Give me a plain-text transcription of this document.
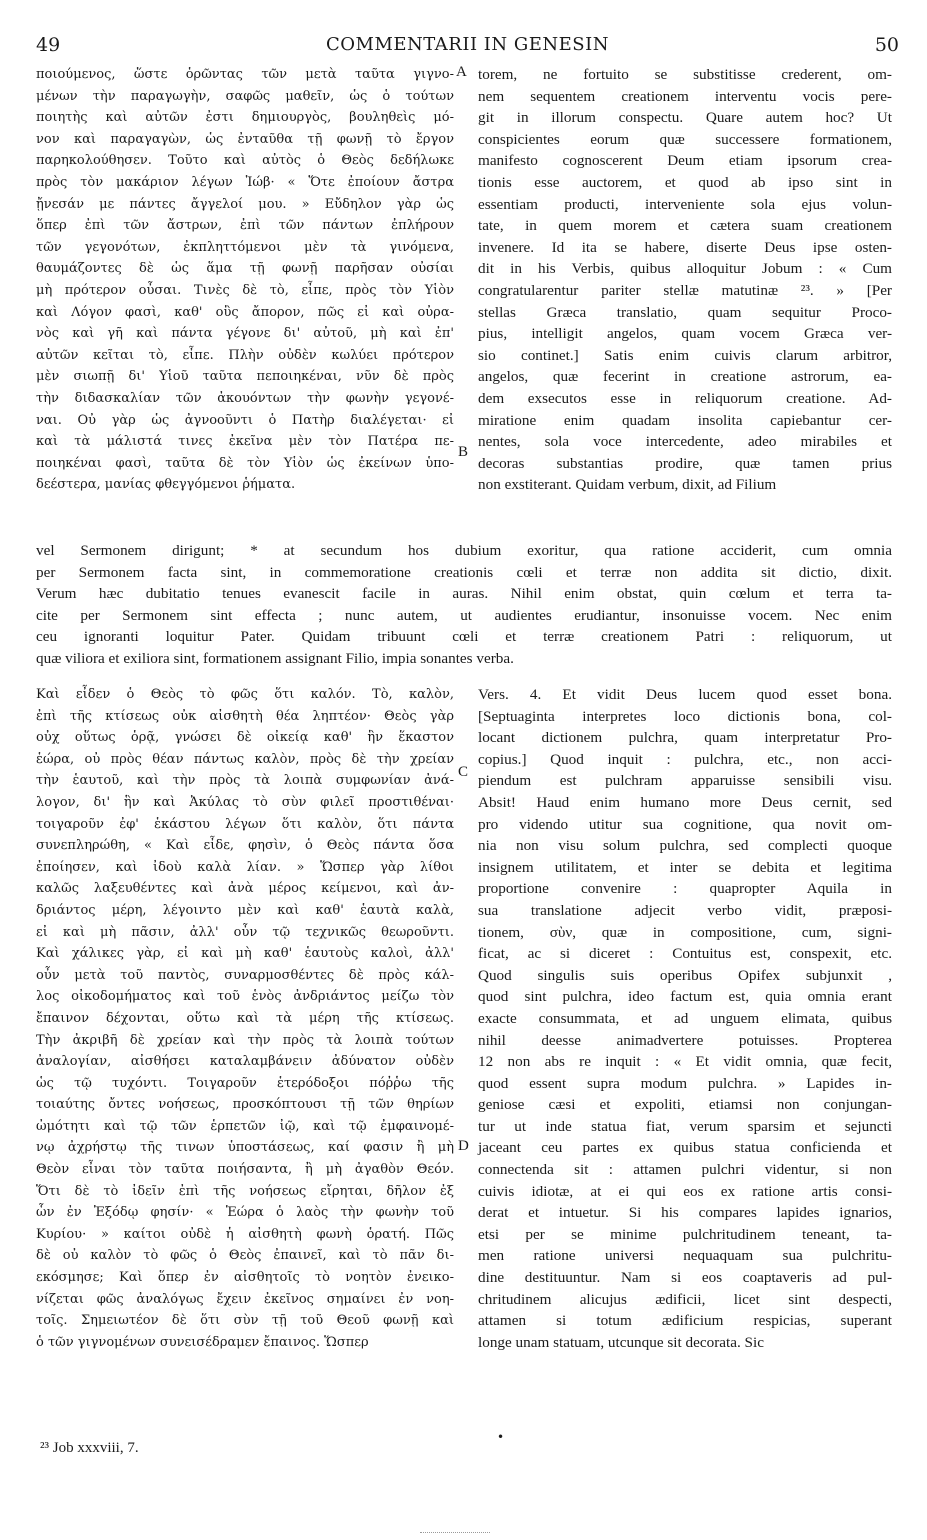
49	COMMENTARII IN GENESIN	50
ποιούμενος, ὥστε ὁρῶντας τῶν μετὰ ταῦτα γιγνο-
μένων τὴν παραγωγὴν, σαφῶς μαθεῖν, ὡς ὁ τούτων
ποιητὴς καὶ αὐτῶν ἐστι δημιουργὸς, βουληθεὶς μό-
νον καὶ παραγαγὼν, ὡς ἐνταῦθα τῇ φωνῇ τὸ ἔργον
παρηκολούθησεν. Τοῦτο καὶ αὐτὸς ὁ Θεὸς δεδήλωκε
πρὸς τὸν μακάριον λέγων Ἰώβ· « Ὅτε ἐποίουν ἄστρα
ᾔνεσάν με πάντες ἄγγελοί μου. » Εὔδηλον γὰρ ὡς
ὅπερ ἐπὶ τῶν ἄστρων, ἐπὶ τῶν πάντων ἐπλήρουν
τῶν γεγονότων, ἐκπληττόμενοι μὲν τὰ γινόμενα,
θαυμάζοντες δὲ ὡς ἅμα τῇ φωνῇ παρῆσαν οὐσίαι
μὴ πρότερον οὖσαι. Τινὲς δὲ τὸ, εἶπε, πρὸς τὸν Υἱὸν
καὶ Λόγον φασὶ, καθ' οὓς ἄπορον, πῶς εἰ καὶ οὐρα-
νὸς καὶ γῆ καὶ πάντα γέγονε δι' αὐτοῦ, μὴ καὶ ἐπ'
αὐτῶν κεῖται τὸ, εἶπε. Πλὴν οὐδὲν κωλύει πρότερον
μὲν σιωπῇ δι' Υἱοῦ ταῦτα πεποιηκέναι, νῦν δὲ πρὸς
τὴν διδασκαλίαν τῶν ἀκουόντων τὴν φωνὴν γεγονέ-
ναι. Οὐ γὰρ ὡς ἀγνοοῦντι ὁ Πατὴρ διαλέγεται· εἰ
καὶ τὰ μάλιστά τινες ἐκεῖνα μὲν τὸν Πατέρα πε-
ποιηκέναι φασὶ, ταῦτα δὲ τὸν Υἱὸν ὡς ἐκείνων ὑπο-
δεέστερα, μανίας φθεγγόμενοι ῥήματα.
torem, ne fortuito se substitisse crederent, om-
nem sequentem creationem interventu vocis pere-
git in illorum conspectu. Quare autem hoc? Ut
conspicientes eorum quæ successere formationem,
manifesto cognoscerent Deum etiam ipsorum crea-
tionis esse auctorem, et quod ab ipso sint in
essentiam producti, interveniente sola ejus volun-
tate, in quem morem et cætera suam creationem
invenere. Id ita se habere, diserte Deus ipse osten-
dit in his Verbis, quibus alloquitur Jobum : « Cum
congratularentur pariter stellæ matutinæ ²³. » [Per
stellas Græca translatio, quam sequitur Proco-
pius, intelligit angelos, quam vocem Græca ver-
sio continet.] Satis enim cuivis clarum arbitror,
angelos, quæ fecerint in creatione astrorum, ea-
dem exsecutos esse in reliquorum creatione. Ad-
miratione enim quadam insolita capiebantur cer-
nentes, sola voce intercedente, adeo mirabiles et
decoras substantias prodire, quæ tamen prius
non exstiterant. Quidam verbum, dixit, ad Filium
A
B
vel Sermonem dirigunt; * at secundum hos dubium exoritur, qua ratione acciderit, cum omnia
per Sermonem facta sint, in commemoratione creationis cœli et terræ non addita sit dictio, dixit.
Verum hæc dubitatio tenues evanescit facile in auras. Nihil enim obstat, quin cœlum et terra ta-
cite per Sermonem sint effecta ; nunc autem, ut audientes erudiantur, insonuisse vocem. Nec enim
ceu ignoranti loquitur Pater. Quidam tribuunt cœli et terræ creationem Patri : reliquorum, ut
quæ viliora et exiliora sint, formationem assignant Filio, impia sonantes verba.
Καὶ εἶδεν ὁ Θεὸς τὸ φῶς ὅτι καλόν. Τὸ, καλὸν,
ἐπὶ τῆς κτίσεως οὐκ αἰσθητὴ θέα ληπτέον· Θεὸς γὰρ
οὐχ οὕτως ὁρᾷ, γνώσει δὲ οἰκείᾳ καθ' ἣν ἕκαστον
ἑώρα, οὐ πρὸς θέαν πάντως καλὸν, πρὸς δὲ τὴν χρείαν
τὴν ἑαυτοῦ, καὶ τὴν πρὸς τὰ λοιπὰ συμφωνίαν ἀνά-
λογον, δι' ἣν καὶ Ἀκύλας τὸ σὺν φιλεῖ προστιθέναι·
τοιγαροῦν ἐφ' ἑκάστου λέγων ὅτι καλὸν, ὅτι πάντα
συνεπληρώθη, « Καὶ εἶδε, φησὶν, ὁ Θεὸς πάντα ὅσα
ἐποίησεν, καὶ ἰδοὺ καλὰ λίαν. » Ὥσπερ γὰρ λίθοι
καλῶς λαξευθέντες καὶ ἀνὰ μέρος κείμενοι, καὶ ἀν-
δριάντος μέρη, λέγοιντο μὲν καὶ καθ' ἑαυτὰ καλὰ,
εἰ καὶ μὴ πᾶσιν, ἀλλ' οὖν τῷ τεχνικῶς θεωροῦντι.
Καὶ χάλικες γὰρ, εἰ καὶ μὴ καθ' ἑαυτοὺς καλοὶ, ἀλλ'
οὖν μετὰ τοῦ παντὸς, συναρμοσθέντες δὲ πρὸς κάλ-
λος οἰκοδομήματος καὶ τοῦ ἑνὸς ἀνδριάντος μείζω τὸν
ἔπαινον δέχονται, οὕτω καὶ τὰ μέρη τῆς κτίσεως.
Τὴν ἀκριβῆ δὲ χρείαν καὶ τὴν πρὸς τὰ λοιπὰ τούτων
ἀναλογίαν, αἰσθήσει καταλαμβάνειν ἀδύνατον οὐδὲν
ὡς τῷ τυχόντι. Τοιγαροῦν ἑτερόδοξοι πόῤῥω τῆς
τοιαύτης ὄντες νοήσεως, προσκόπτουσι τῇ τῶν θηρίων
ὠμότητι καὶ τῷ τῶν ἑρπετῶν ἰῷ, καὶ τῷ ἐμφαινομέ-
νῳ ἀχρήστῳ τῆς τινων ὑποστάσεως, καί φασιν ἢ μὴ
Θεὸν εἶναι τὸν ταῦτα ποιήσαντα, ἢ μὴ ἀγαθὸν Θεόν.
Ὅτι δὲ τὸ ἰδεῖν ἐπὶ τῆς νοήσεως εἴρηται, δῆλον ἐξ
ὧν ἐν Ἐξόδῳ φησίν· « Ἑώρα ὁ λαὸς τὴν φωνὴν τοῦ
Κυρίου· » καίτοι οὐδὲ ἡ αἰσθητὴ φωνὴ ὁρατή. Πῶς
δὲ οὐ καλὸν τὸ φῶς ὁ Θεὸς ἐπαινεῖ, καὶ τὸ πᾶν δι-
εκόσμησε; Καὶ ὅπερ ἐν αἰσθητοῖς τὸ νοητὸν ἐνεικο-
νίζεται φῶς ἀναλόγως ἔχειν ἐκεῖνος σημαίνει ἐν νοη-
τοῖς. Σημειωτέον δὲ ὅτι σὺν τῇ τοῦ Θεοῦ φωνῇ καὶ
ὁ τῶν γιγνομένων συνεισέδραμεν ἔπαινος. Ὥσπερ
Vers. 4. Et vidit Deus lucem quod esset bona.
[Septuaginta interpretes loco dictionis bona, col-
locant dictionem pulchra, quam interpretatur Pro-
copius.] Quod inquit : pulchra, etc., non acci-
piendum est pulchram apparuisse sensibili visu.
Absit! Haud enim humano more Deus cernit, sed
pro videndo utitur sua cognitione, qua novit om-
nia non visu solum pulchra, sed complecti quoque
insignem utilitatem, et inter se debita et legitima
proportione convenire : quapropter Aquila in
sua translatione adjecit verbo vidit, præposi-
tionem, σὺν, quæ in compositione, cum, signi-
ficat, ac si diceret : Contuitus est, conspexit, etc.
Quod singulis suis operibus Opifex subjunxit ,
quod sint pulchra, ideo factum est, quia omnia erant
exacte consummata, et ad unguem elimata, quibus
nihil deesse animadvertere potuisses. Propterea
12 non abs re inquit : « Et vidit omnia, quæ fecit,
quod essent supra modum pulchra. » Lapides in-
geniose cæsi et expoliti, etiamsi non conjungan-
tur ut inde statua fiat, verum sparsim et sejuncti
jaceant ceu partes ex quibus statua conficienda et
connectenda sit : attamen pulchri videntur, si non
cuivis idiotæ, at ei qui eos ex ratione artis consi-
derat et intuetur. Si his compares lapides ignarios,
etsi per se minime pulchritudinem teneant, ta-
men ratione universi nequaquam sua pulchritu-
dine destituuntur. Nam si eos coaptaveris ad pul-
chritudinem alicujus ædificii, licet sint despecti,
attamen si totum ædificium respicias, superant
longe unam statuam, utcunque sit decorata. Sic
C
D
•
²³ Job xxxviii, 7.
